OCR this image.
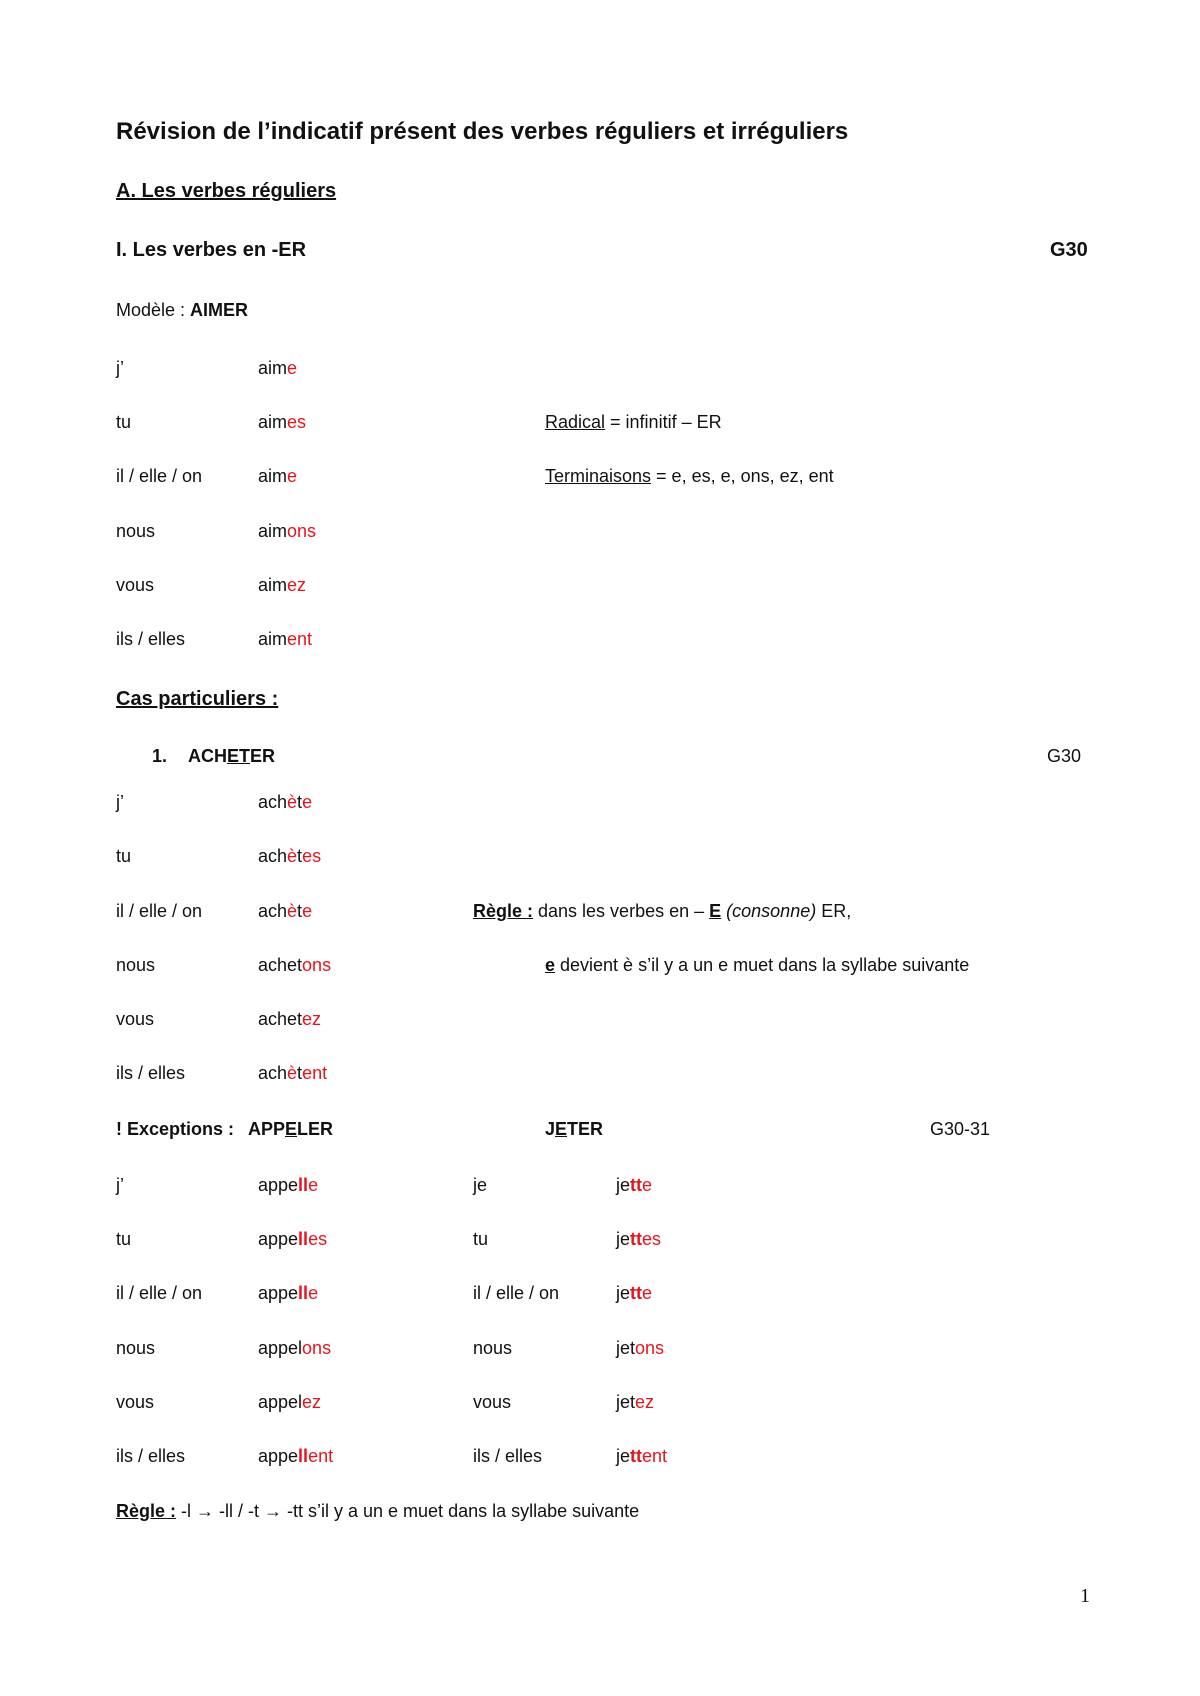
Révision de l’indicatif présent des verbes réguliers et irréguliers
A. Les verbes réguliers
I. Les verbes en -ER	G30
Modèle : AIMER
j’	aime
tu	aimes
il / elle / on	aime
nous	aimons
vous	aimez
ils / elles	aiment
Radical = infinitif – ER
Terminaisons = e, es, e, ons, ez, ent
Cas particuliers :
1. ACHETER	G30
j’	achète
tu	achètes
il / elle / on	achète
nous	achetons
vous	achetez
ils / elles	achètent
Règle : dans les verbes en – E (consonne) ER,
e devient è s’il y a un e muet dans la syllabe suivante
! Exceptions : APPELER	JETER	G30-31
j’	appelle	je	jette
tu	appelles	tu	jettes
il / elle / on	appelle	il / elle / on	jette
nous	appelons	nous	jetons
vous	appelez	vous	jetez
ils / elles	appellent	ils / elles	jettent
Règle : -l → -ll / -t → -tt s’il y a un e muet dans la syllabe suivante
1
